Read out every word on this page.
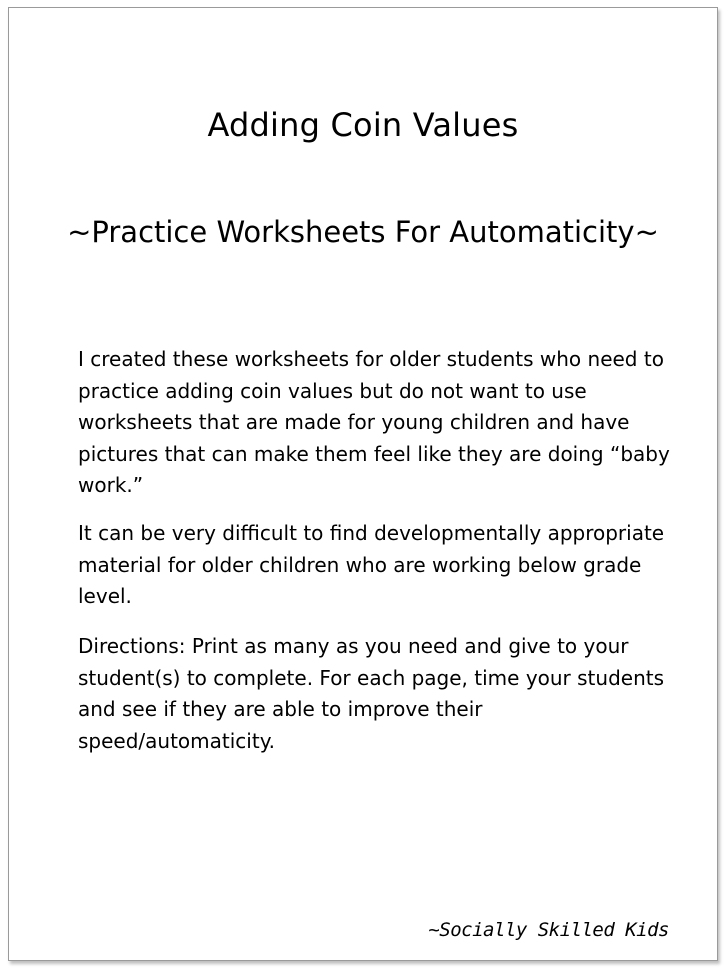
Adding Coin Values
~Practice Worksheets For Automaticity~
I created these worksheets for older students who need to practice adding coin values but do not want to use worksheets that are made for young children and have pictures that can make them feel like they are doing “baby work.”
It can be very difficult to find developmentally appropriate material for older children who are working below grade level.
Directions: Print as many as you need and give to your student(s) to complete. For each page, time your students and see if they are able to improve their speed/automaticity.
~Socially Skilled Kids
